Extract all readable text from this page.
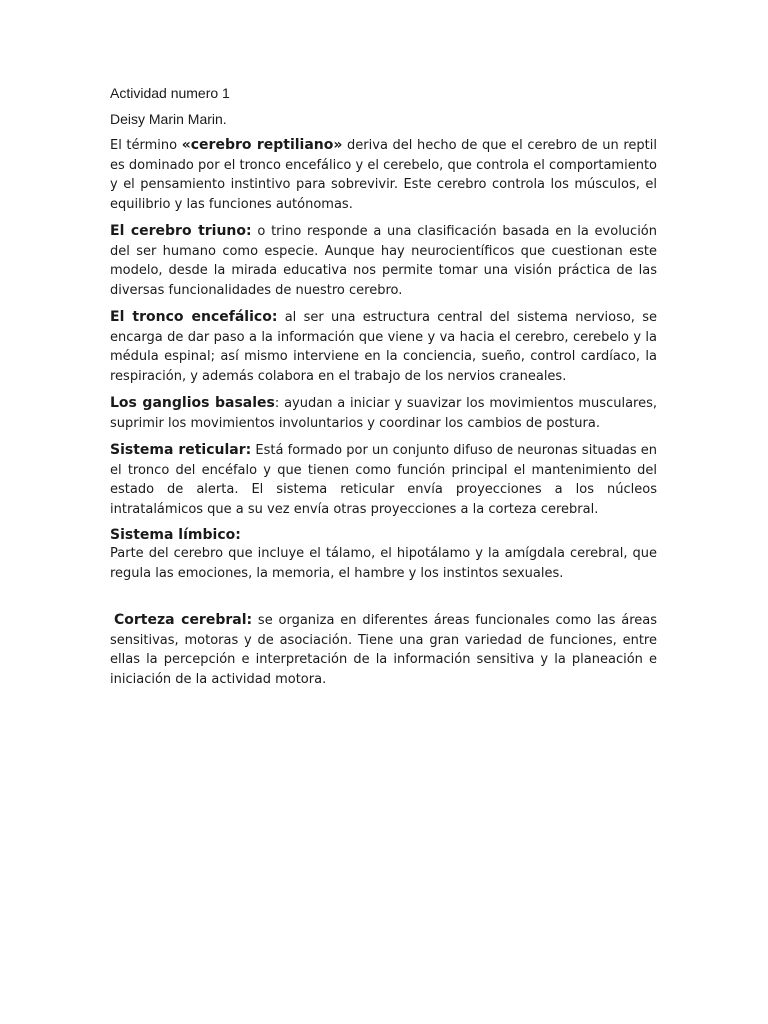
Actividad numero 1

Deisy Marin Marin.

El término «cerebro reptiliano» deriva del hecho de que el cerebro de un reptil es dominado por el tronco encefálico y el cerebelo, que controla el comportamiento y el pensamiento instintivo para sobrevivir. Este cerebro controla los músculos, el equilibrio y las funciones autónomas.

El cerebro triuno: o trino responde a una clasificación basada en la evolución del ser humano como especie. Aunque hay neurocientíficos que cuestionan este modelo, desde la mirada educativa nos permite tomar una visión práctica de las diversas funcionalidades de nuestro cerebro.

El tronco encefálico: al ser una estructura central del sistema nervioso, se encarga de dar paso a la información que viene y va hacia el cerebro, cerebelo y la médula espinal; así mismo interviene en la conciencia, sueño, control cardíaco, la respiración, y además colabora en el trabajo de los nervios craneales.

Los ganglios basales: ayudan a iniciar y suavizar los movimientos musculares, suprimir los movimientos involuntarios y coordinar los cambios de postura.

Sistema reticular: Está formado por un conjunto difuso de neuronas situadas en el tronco del encéfalo y que tienen como función principal el mantenimiento del estado de alerta. El sistema reticular envía proyecciones a los núcleos intratalámicos que a su vez envía otras proyecciones a la corteza cerebral.

Sistema límbico:

Parte del cerebro que incluye el tálamo, el hipotálamo y la amígdala cerebral, que regula las emociones, la memoria, el hambre y los instintos sexuales.

Corteza cerebral: se organiza en diferentes áreas funcionales como las áreas sensitivas, motoras y de asociación. Tiene una gran variedad de funciones, entre ellas la percepción e interpretación de la información sensitiva y la planeación e iniciación de la actividad motora.
